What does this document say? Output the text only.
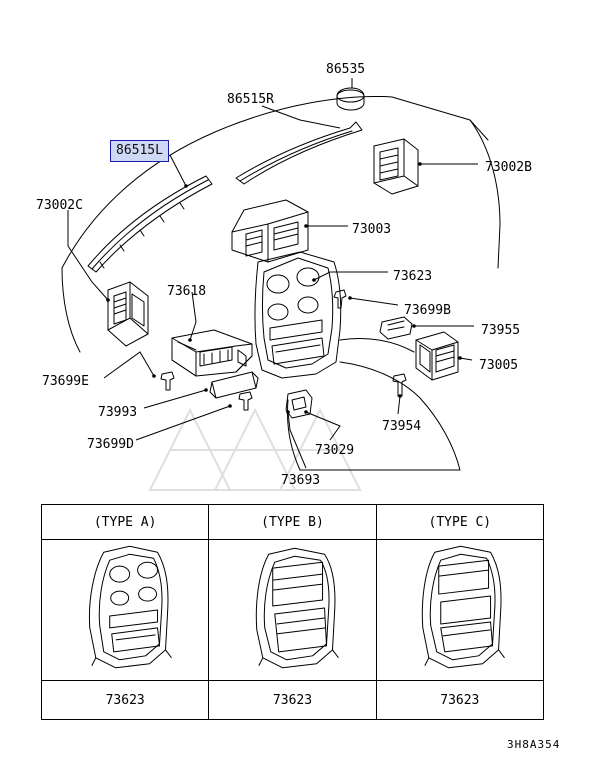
86535
86515R
86515L
73002B
73002C
73003
73623
73618
73699B
73955
73005
73699E
73993
73954
73699D	73029
73693
(TYPE A)	(TYPE B)	(TYPE C)

73623	73623	73623
3H8A354
